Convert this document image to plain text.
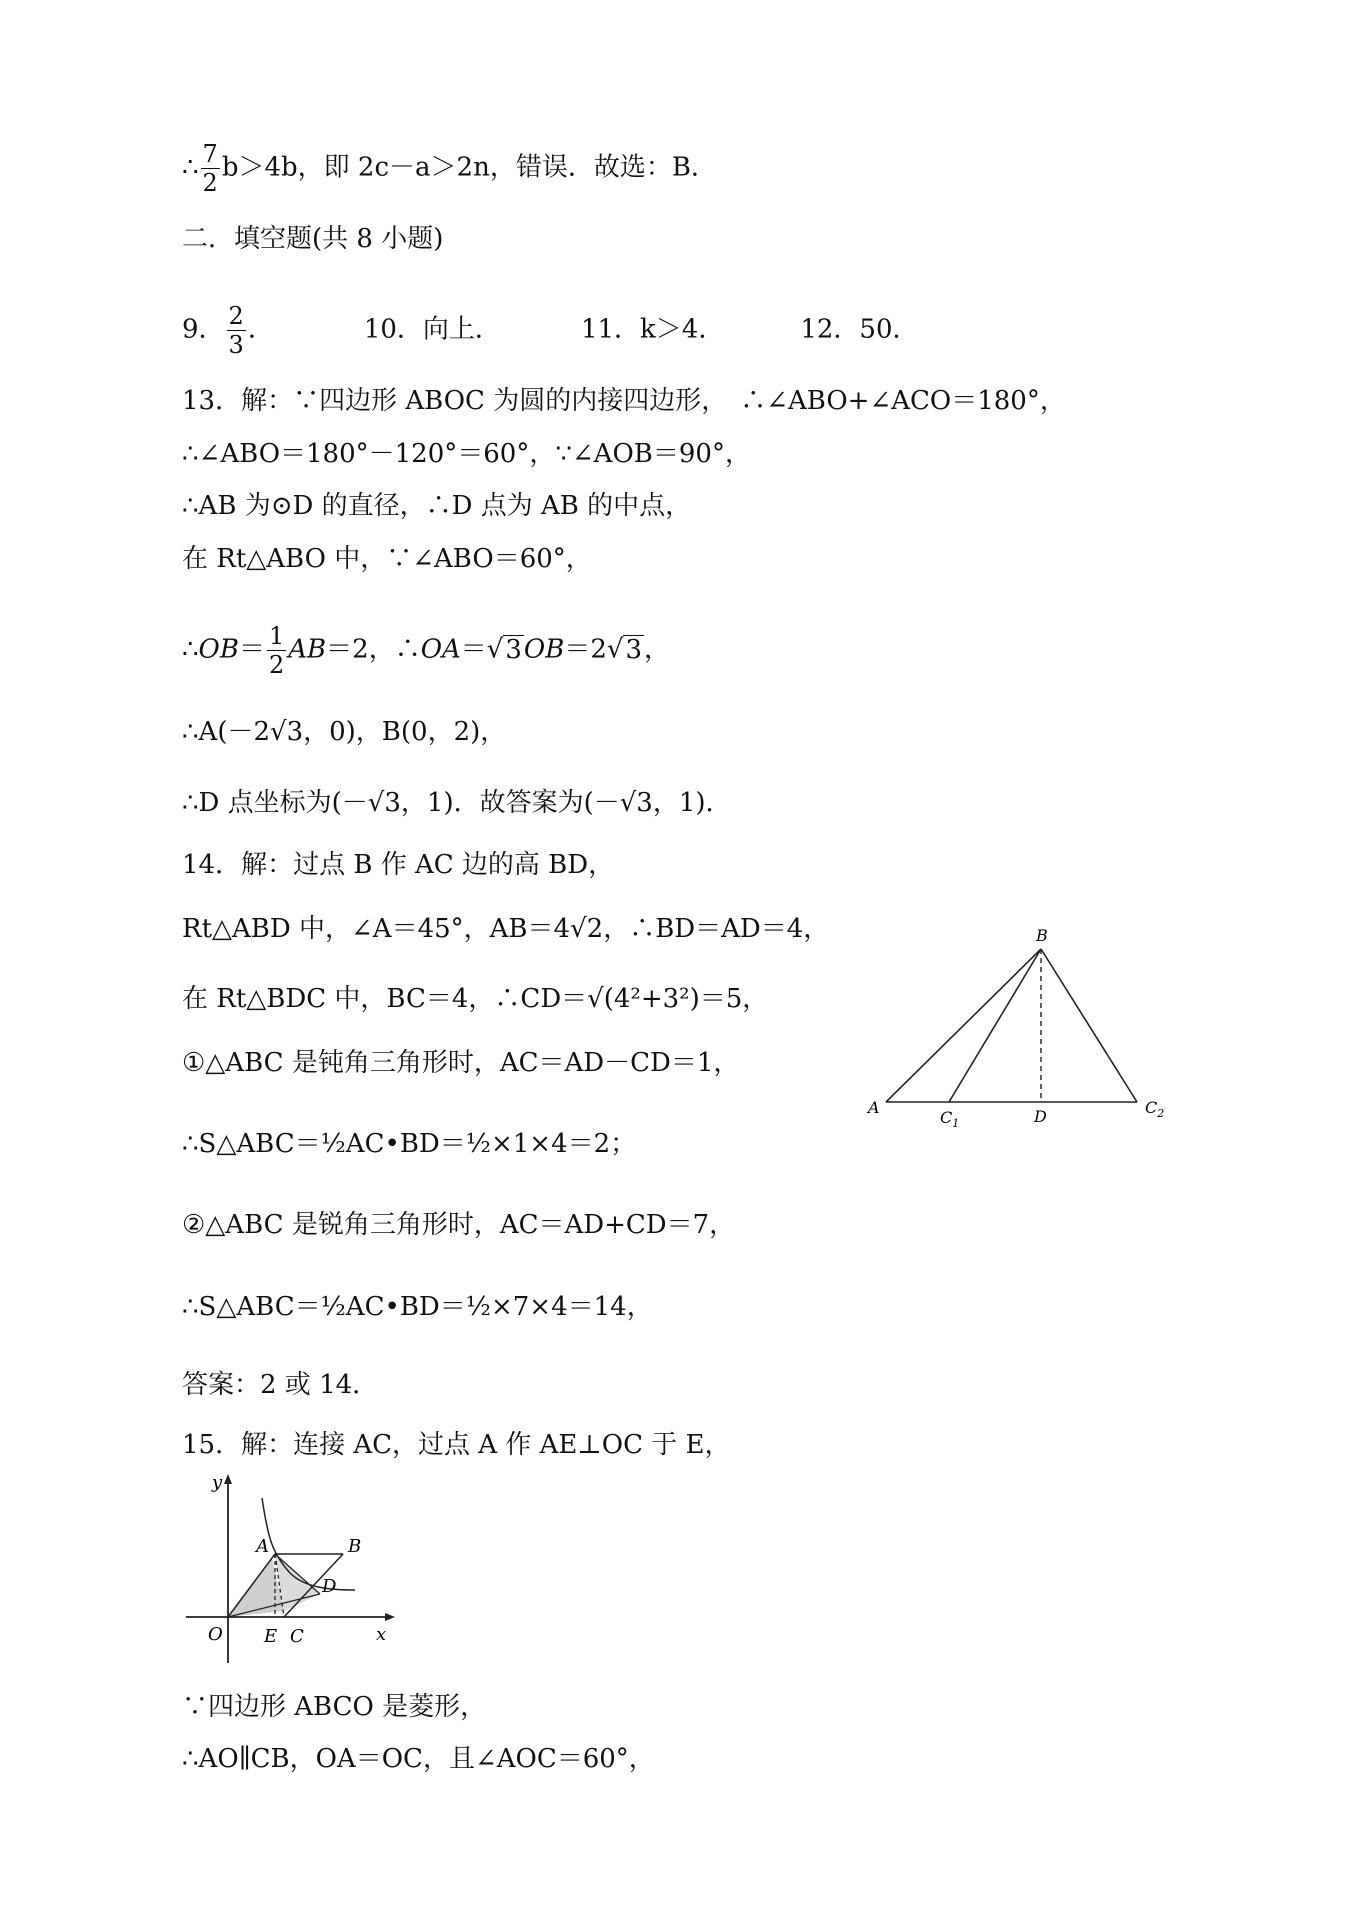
∴ $\frac{7}{2} b>4b$，即 2c－a＞2n，错误．故选：B．
二．填空题(共 8 小题)
9． $\frac{2}{3}$ ．	10．向上．	11．k＞4．	12．50．
13．解：∵四边形 ABOC 为圆的内接四边形，　∴∠ABO+∠ACO＝180°，
∴∠ABO＝180°－120°＝60°，∵∠AOB＝90°，
∴AB 为⊙D 的直径，∴D 点为 AB 的中点，
在 Rt△ABO 中，∵∠ABO＝60°，
∴OB＝ $\frac{1}{2} AB=2$，∴OA＝√3OB＝2√3，
∴A(－2√3，0)，B(0，2)，
∴D 点坐标为(－√3，1)．故答案为(－√3，1)．
14．解：过点 B 作 AC 边的高 BD，
Rt△ABD 中，∠A＝45°，AB＝4√2，∴BD＝AD＝4，
在 Rt△BDC 中，BC＝4，∴CD＝√(4²+3²)＝5，
①△ABC 是钝角三角形时，AC＝AD－CD＝1，
∴S△ABC＝½AC•BD＝½×1×4＝2；
②△ABC 是锐角三角形时，AC＝AD+CD＝7，
∴S△ABC＝½AC•BD＝½×7×4＝14，
答案：2 或 14．
B
A
$C_1$	D	$C_2$
15．解：连接 AC，过点 A 作 AE⊥OC 于 E，
y
x
A	B
D
O E C
∵四边形 ABCO 是菱形，
∴AO∥CB，OA＝OC，且∠AOC＝60°，
